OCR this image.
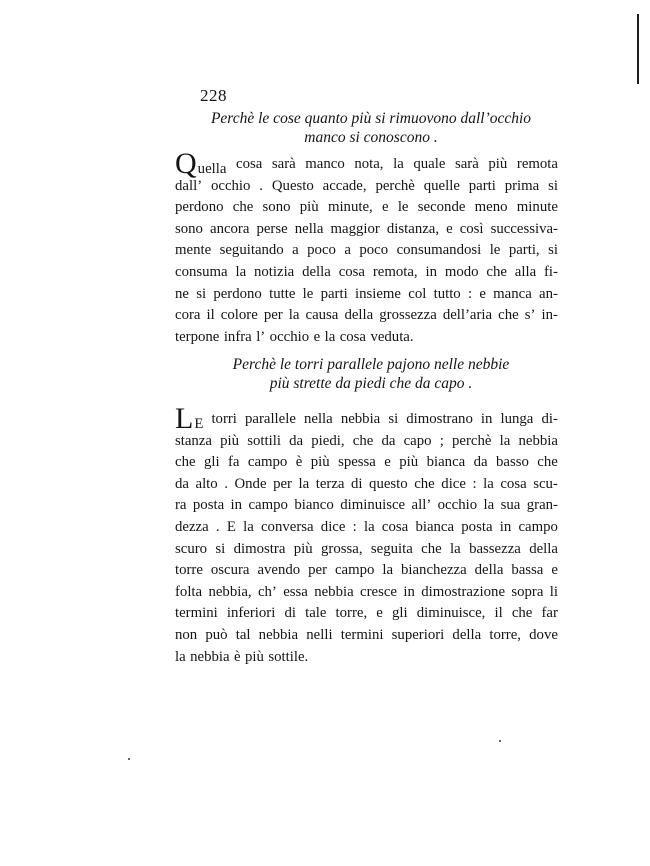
228
Perchè le cose quanto più si rimuovono dall’occhio
manco si conoscono .
Quella cosa sarà manco nota, la quale sarà più remota
dall’ occhio . Questo accade, perchè quelle parti prima si
perdono che sono più minute, e le seconde meno minute
sono ancora perse nella maggior distanza, e così successiva-
mente seguitando a poco a poco consumandosi le parti, si
consuma la notizia della cosa remota, in modo che alla fi-
ne si perdono tutte le parti insieme col tutto : e manca an-
cora il colore per la causa della grossezza dell’aria che s’ in-
terpone infra l’ occhio e la cosa veduta.
Perchè le torri parallele pajono nelle nebbie
più strette da piedi che da capo .
LE torri parallele nella nebbia si dimostrano in lunga di-
stanza più sottili da piedi, che da capo ; perchè la nebbia
che gli fa campo è più spessa e più bianca da basso che
da alto . Onde per la terza di questo che dice : la cosa scu-
ra posta in campo bianco diminuisce all’ occhio la sua gran-
dezza . E la conversa dice : la cosa bianca posta in campo
scuro si dimostra più grossa, seguita che la bassezza della
torre oscura avendo per campo la bianchezza della bassa e
folta nebbia, ch’ essa nebbia cresce in dimostrazione sopra li
termini inferiori di tale torre, e gli diminuisce, il che far
non può tal nebbia nelli termini superiori della torre, dove
la nebbia è più sottile.
